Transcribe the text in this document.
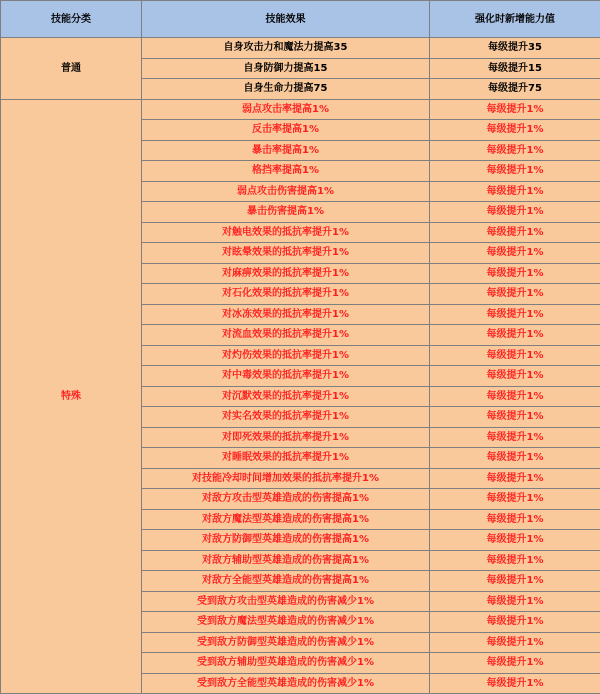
技能分类	技能效果	强化时新增能力值
普通	自身攻击力和魔法力提高35	每级提升35
	自身防御力提高15	每级提升15
	自身生命力提高75	每级提升75
特殊	弱点攻击率提高1%	每级提升1%
	反击率提高1%	每级提升1%
	暴击率提高1%	每级提升1%
	格挡率提高1%	每级提升1%
	弱点攻击伤害提高1%	每级提升1%
	暴击伤害提高1%	每级提升1%
	对触电效果的抵抗率提升1%	每级提升1%
	对眩晕效果的抵抗率提升1%	每级提升1%
	对麻痹效果的抵抗率提升1%	每级提升1%
	对石化效果的抵抗率提升1%	每级提升1%
	对冰冻效果的抵抗率提升1%	每级提升1%
	对流血效果的抵抗率提升1%	每级提升1%
	对灼伤效果的抵抗率提升1%	每级提升1%
	对中毒效果的抵抗率提升1%	每级提升1%
	对沉默效果的抵抗率提升1%	每级提升1%
	对实名效果的抵抗率提升1%	每级提升1%
	对即死效果的抵抗率提升1%	每级提升1%
	对睡眠效果的抵抗率提升1%	每级提升1%
	对技能冷却时间增加效果的抵抗率提升1%	每级提升1%
	对敌方攻击型英雄造成的伤害提高1%	每级提升1%
	对敌方魔法型英雄造成的伤害提高1%	每级提升1%
	对敌方防御型英雄造成的伤害提高1%	每级提升1%
	对敌方辅助型英雄造成的伤害提高1%	每级提升1%
	对敌方全能型英雄造成的伤害提高1%	每级提升1%
	受到敌方攻击型英雄造成的伤害减少1%	每级提升1%
	受到敌方魔法型英雄造成的伤害减少1%	每级提升1%
	受到敌方防御型英雄造成的伤害减少1%	每级提升1%
	受到敌方辅助型英雄造成的伤害减少1%	每级提升1%
	受到敌方全能型英雄造成的伤害减少1%	每级提升1%
